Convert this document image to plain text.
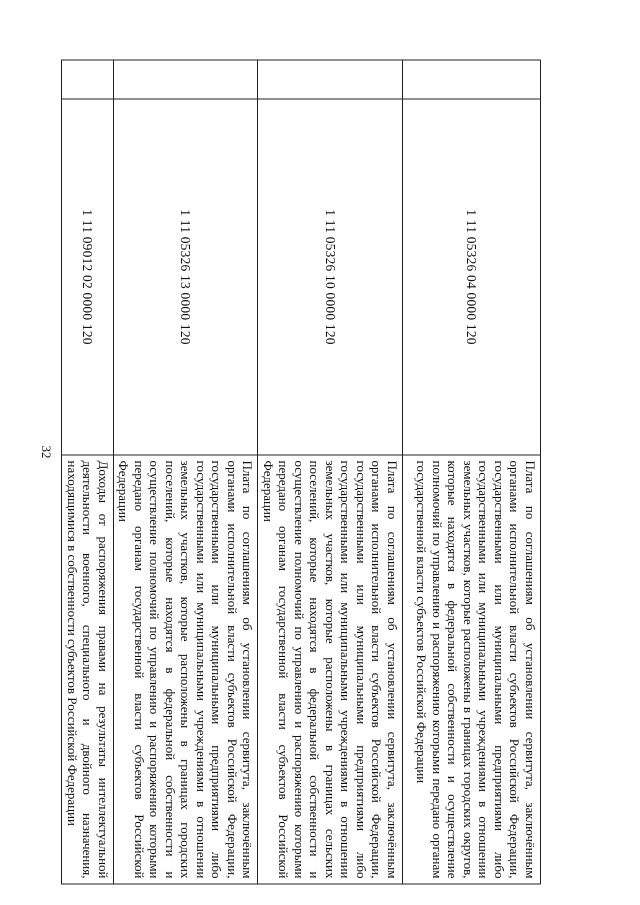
32
	1 11 05326 04 0000 120	Плата по соглашениям об установлении сервитута, заключённым органами исполнительной власти субъектов Российской Федерации, государственными или муниципальными предприятиями либо государственными или муниципальными учреждениями в отношении земельных участков, которые расположены в границах городских округов, которые находятся в федеральной собственности и осуществление полномочий по управлению и распоряжению которыми передано органам государственной власти субъектов Российской Федерации
	1 11 05326 10 0000 120	Плата по соглашениям об установлении сервитута, заключённым органами исполнительной власти субъектов Российской Федерации, государственными или муниципальными предприятиями либо государственными или муниципальными учреждениями в отношении земельных участков, которые расположены в границах сельских поселений, которые находятся в федеральной собственности и осуществление полномочий по управлению и распоряжению которыми передано органам государственной власти субъектов Российской Федерации
	1 11 05326 13 0000 120	Плата по соглашениям об установлении сервитута, заключённым органами исполнительной власти субъектов Российской Федерации, государственными или муниципальными предприятиями либо государственными или муниципальными учреждениями в отношении земельных участков, которые расположены в границах городских поселений, которые находятся в федеральной собственности и осуществление полномочий по управлению и распоряжению которыми передано органам государственной власти субъектов Российской Федерации
	1 11 09012 02 0000 120	Доходы от распоряжения правами на результаты интеллектуальной деятельности военного, специального и двойного назначения, находящимися в собственности субъектов Российской Федерации
